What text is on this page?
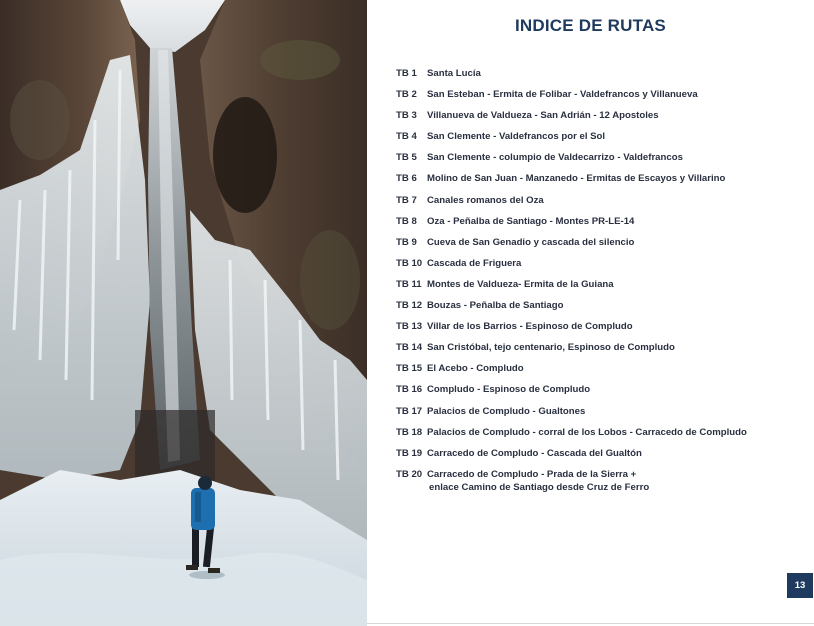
INDICE DE RUTAS
TB 1	Santa Lucía
TB 2	San Esteban - Ermita de Folibar - Valdefrancos y Villanueva
TB 3	Villanueva de Valdueza - San Adrián - 12 Apostoles
TB 4	San Clemente - Valdefrancos por el Sol
TB 5	San Clemente - columpio de Valdecarrizo - Valdefrancos
TB 6	Molino de San Juan - Manzanedo - Ermitas de Escayos y Villarino
TB 7	Canales romanos del Oza
TB 8	Oza - Peñalba de Santiago - Montes PR-LE-14
TB 9	Cueva de San Genadio y cascada del silencio
TB 10 Cascada de Friguera
TB 11 Montes de Valdueza- Ermita de la Guiana
TB 12 Bouzas - Peñalba de Santiago
TB 13 Villar de los Barrios - Espinoso de Compludo
TB 14 San Cristóbal, tejo centenario, Espinoso de Compludo
TB 15 El Acebo - Compludo
TB 16 Compludo - Espinoso de Compludo
TB 17 Palacios de Compludo - Gualtones
TB 18 Palacios de Compludo - corral de los Lobos - Carracedo de Compludo
TB 19 Carracedo de Compludo - Cascada del Gualtón
TB 20 Carracedo de Compludo - Prada de la Sierra +
enlace Camino de Santiago desde Cruz de Ferro
13
